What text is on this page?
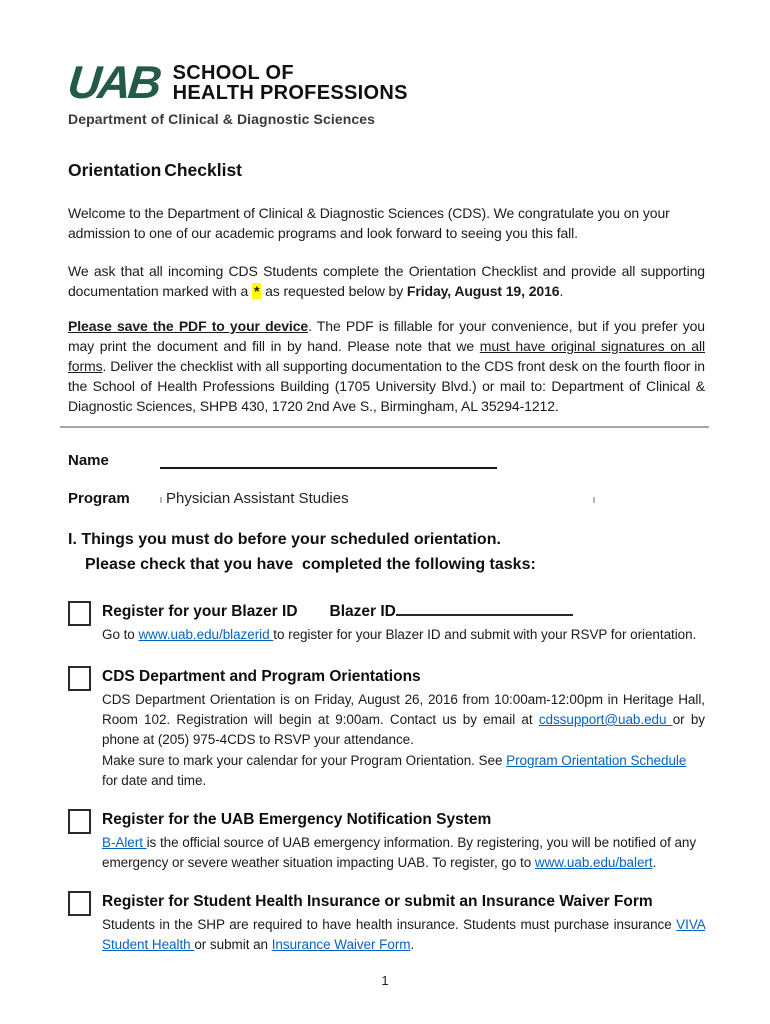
UAB SCHOOL OF
HEALTH PROFESSIONS
Department of Clinical & Diagnostic Sciences
Orientation Checklist

Welcome to the Department of Clinical & Diagnostic Sciences (CDS). We congratulate you on your admission to one of our academic programs and look forward to seeing you this fall.

We ask that all incoming CDS Students complete the Orientation Checklist and provide all supporting documentation marked with a * as requested below by Friday, August 19, 2016.

Please save the PDF to your device. The PDF is fillable for your convenience, but if you prefer you may print the document and fill in by hand. Please note that we must have original signatures on all forms. Deliver the checklist with all supporting documentation to the CDS front desk on the fourth floor in the School of Health Professions Building (1705 University Blvd.) or mail to: Department of Clinical & Diagnostic Sciences, SHPB 430, 1720 2nd Ave S., Birmingham, AL 35294-1212.

Name
Program	Physician Assistant Studies
I. Things you must do before your scheduled orientation.
Please check that you have  completed the following tasks:
Register for your Blazer ID Blazer ID
Go to www.uab.edu/blazerid to register for your Blazer ID and submit with your RSVP for orientation.
CDS Department and Program Orientations
CDS Department Orientation is on Friday, August 26, 2016 from 10:00am-12:00pm in Heritage Hall, Room 102. Registration will begin at 9:00am. Contact us by email at cdssupport@uab.edu or by phone at (205) 975-4CDS to RSVP your attendance.
Make sure to mark your calendar for your Program Orientation. See Program Orientation Schedule for date and time.
Register for the UAB Emergency Notification System
B-Alert is the official source of UAB emergency information. By registering, you will be notified of any emergency or severe weather situation impacting UAB. To register, go to www.uab.edu/balert.
Register for Student Health Insurance or submit an Insurance Waiver Form
Students in the SHP are required to have health insurance. Students must purchase insurance VIVA Student Health or submit an Insurance Waiver Form.
1
